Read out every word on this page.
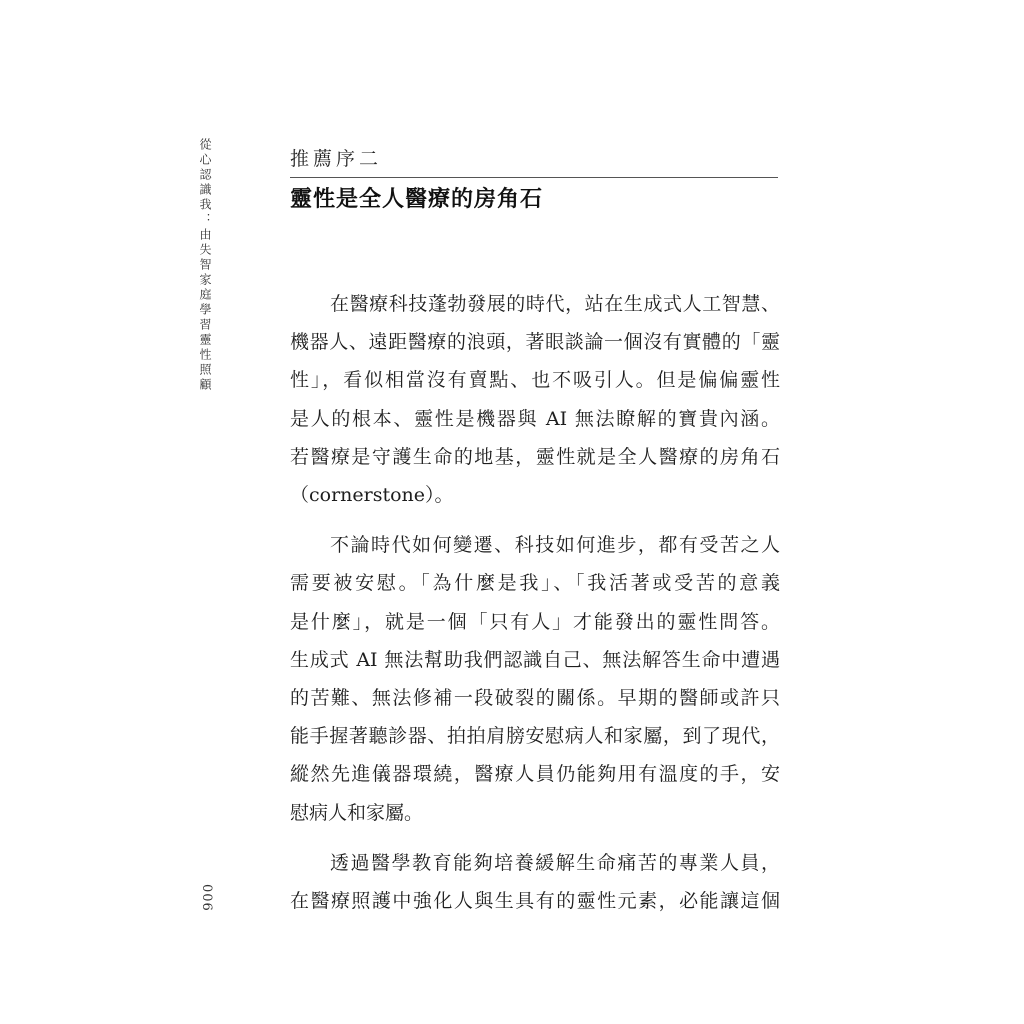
從心認識我：由失智家庭學習靈性照顧
006
推薦序二
靈性是全人醫療的房角石
在醫療科技蓬勃發展的時代，站在生成式人工智慧、
機器人、遠距醫療的浪頭，著眼談論一個沒有實體的「靈
性」，看似相當沒有賣點、也不吸引人。但是偏偏靈性
是人的根本、靈性是機器與 AI 無法瞭解的寶貴內涵。
若醫療是守護生命的地基，靈性就是全人醫療的房角石
（cornerstone）。
不論時代如何變遷、科技如何進步，都有受苦之人
需要被安慰。「為什麼是我」、「我活著或受苦的意義
是什麼」，就是一個「只有人」才能發出的靈性問答。
生成式 AI 無法幫助我們認識自己、無法解答生命中遭遇
的苦難、無法修補一段破裂的關係。早期的醫師或許只
能手握著聽診器、拍拍肩膀安慰病人和家屬，到了現代，
縱然先進儀器環繞，醫療人員仍能夠用有溫度的手，安
慰病人和家屬。
透過醫學教育能夠培養緩解生命痛苦的專業人員，
在醫療照護中強化人與生具有的靈性元素，必能讓這個
